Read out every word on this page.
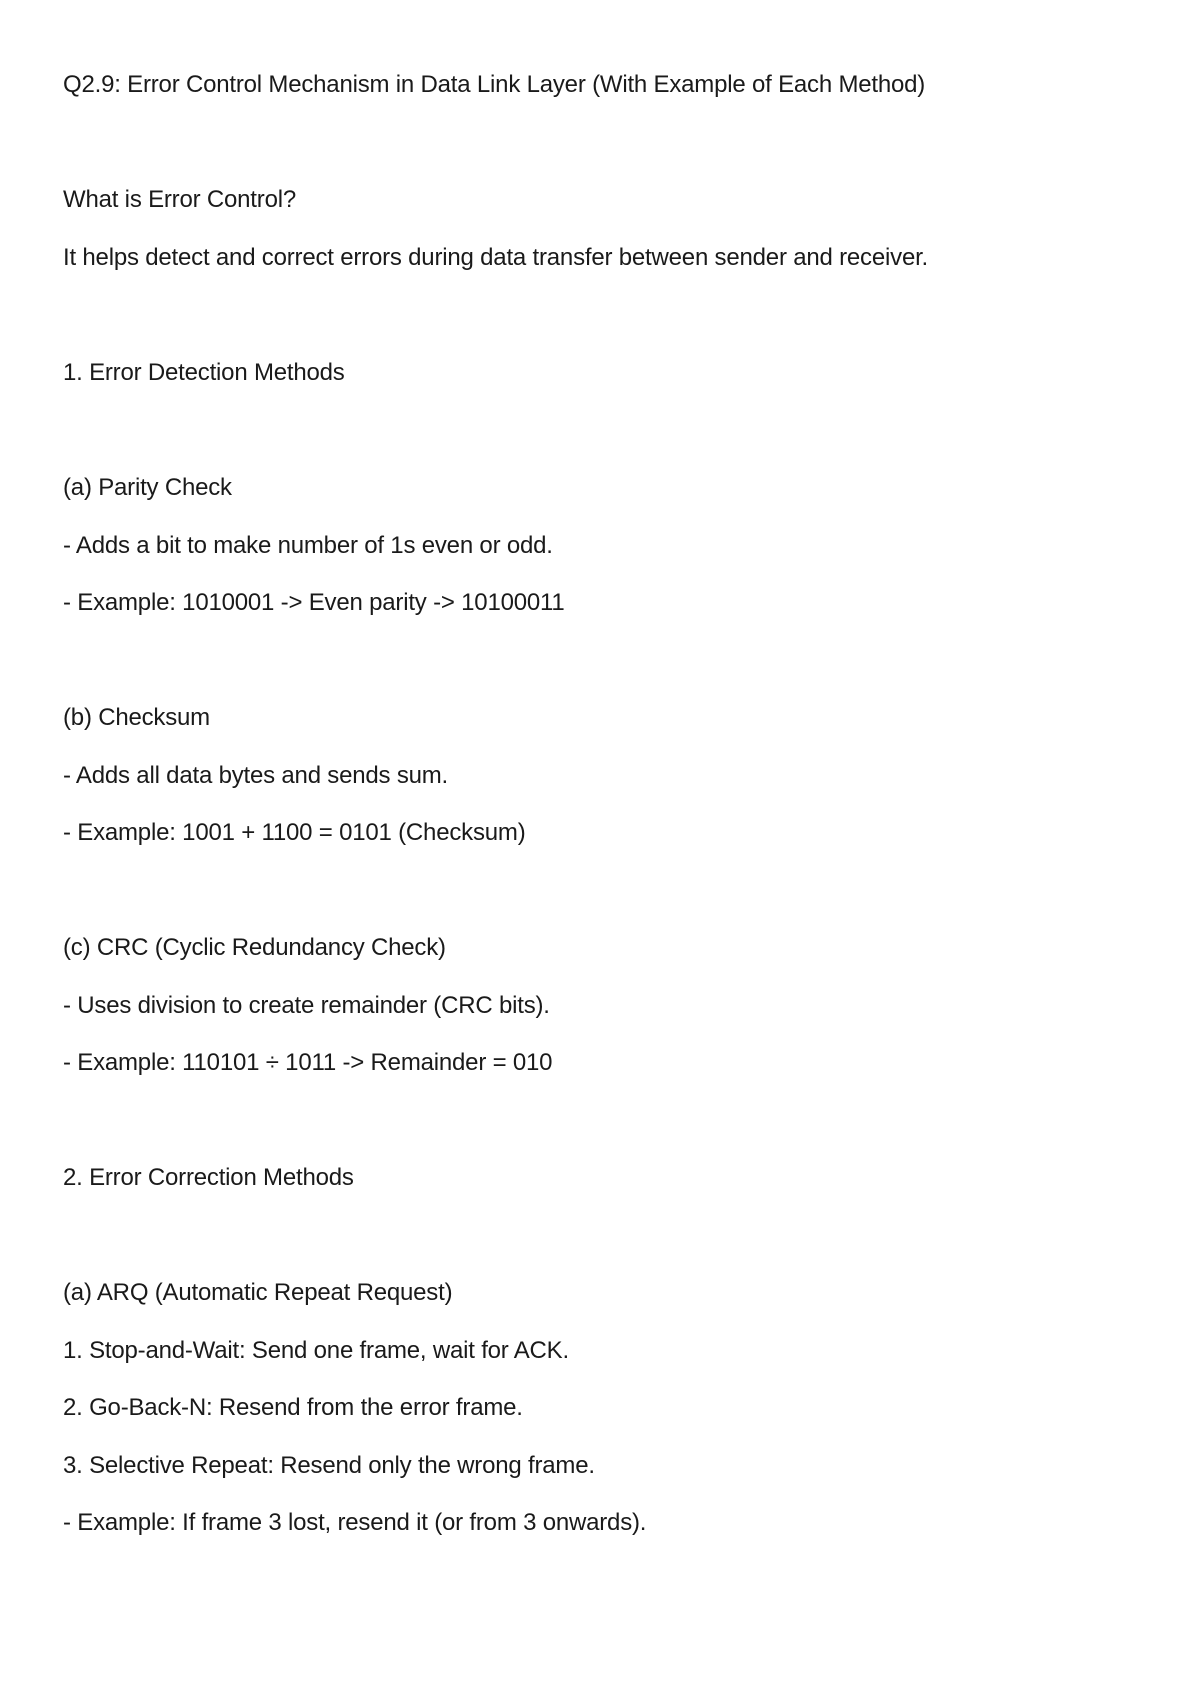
Q2.9: Error Control Mechanism in Data Link Layer (With Example of Each Method)
What is Error Control?
It helps detect and correct errors during data transfer between sender and receiver.
1. Error Detection Methods
(a) Parity Check
- Adds a bit to make number of 1s even or odd.
- Example: 1010001 -> Even parity -> 10100011
(b) Checksum
- Adds all data bytes and sends sum.
- Example: 1001 + 1100 = 0101 (Checksum)
(c) CRC (Cyclic Redundancy Check)
- Uses division to create remainder (CRC bits).
- Example: 110101 ÷ 1011 -> Remainder = 010
2. Error Correction Methods
(a) ARQ (Automatic Repeat Request)
1. Stop-and-Wait: Send one frame, wait for ACK.
2. Go-Back-N: Resend from the error frame.
3. Selective Repeat: Resend only the wrong frame.
- Example: If frame 3 lost, resend it (or from 3 onwards).
